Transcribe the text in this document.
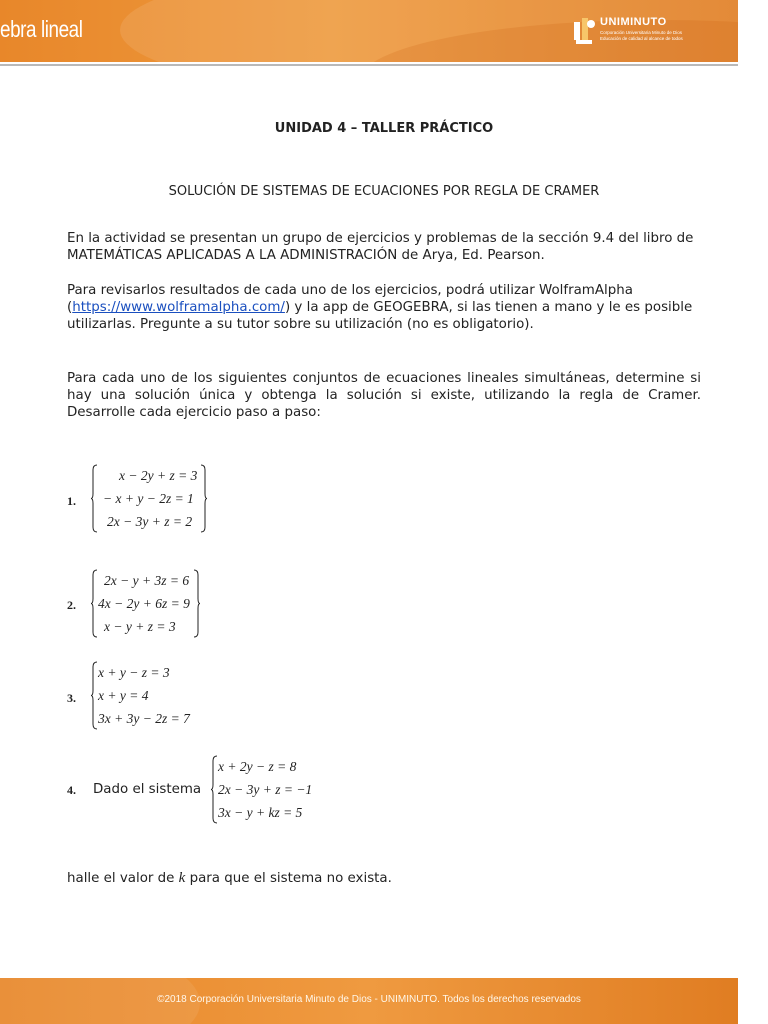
ebra lineal	UNIMINUTO
Corporación Universitaria Minuto de Dios
Educación de calidad al alcance de todos
UNIDAD 4 – TALLER PRÁCTICO
SOLUCIÓN DE SISTEMAS DE ECUACIONES POR REGLA DE CRAMER
En la actividad se presentan un grupo de ejercicios y problemas de la sección 9.4 del libro de MATEMÁTICAS APLICADAS A LA ADMINISTRACIÓN de Arya, Ed. Pearson.
Para revisarlos resultados de cada uno de los ejercicios, podrá utilizar WolframAlpha (https://www.wolframalpha.com/) y la app de GEOGEBRA, si las tienen a mano y le es posible utilizarlas. Pregunte a su tutor sobre su utilización (no es obligatorio).
Para cada uno de los siguientes conjuntos de ecuaciones lineales simultáneas, determine si hay una solución única y obtenga la solución si existe, utilizando la regla de Cramer. Desarrolle cada ejercicio paso a paso:
1.
x − 2y + z = 3
− x + y − 2z = 1
2x − 3y + z = 2
2.
2x − y + 3z = 6
4x − 2y + 6z = 9
x − y + z = 3
3.
x + y − z = 3
x + y = 4
3x + 3y − 2z = 7
4. Dado el sistema
x + 2y − z = 8
2x − 3y + z = −1
3x − y + kz = 5
halle el valor de k para que el sistema no exista.
©2018 Corporación Universitaria Minuto de Dios - UNIMINUTO. Todos los derechos reservados
